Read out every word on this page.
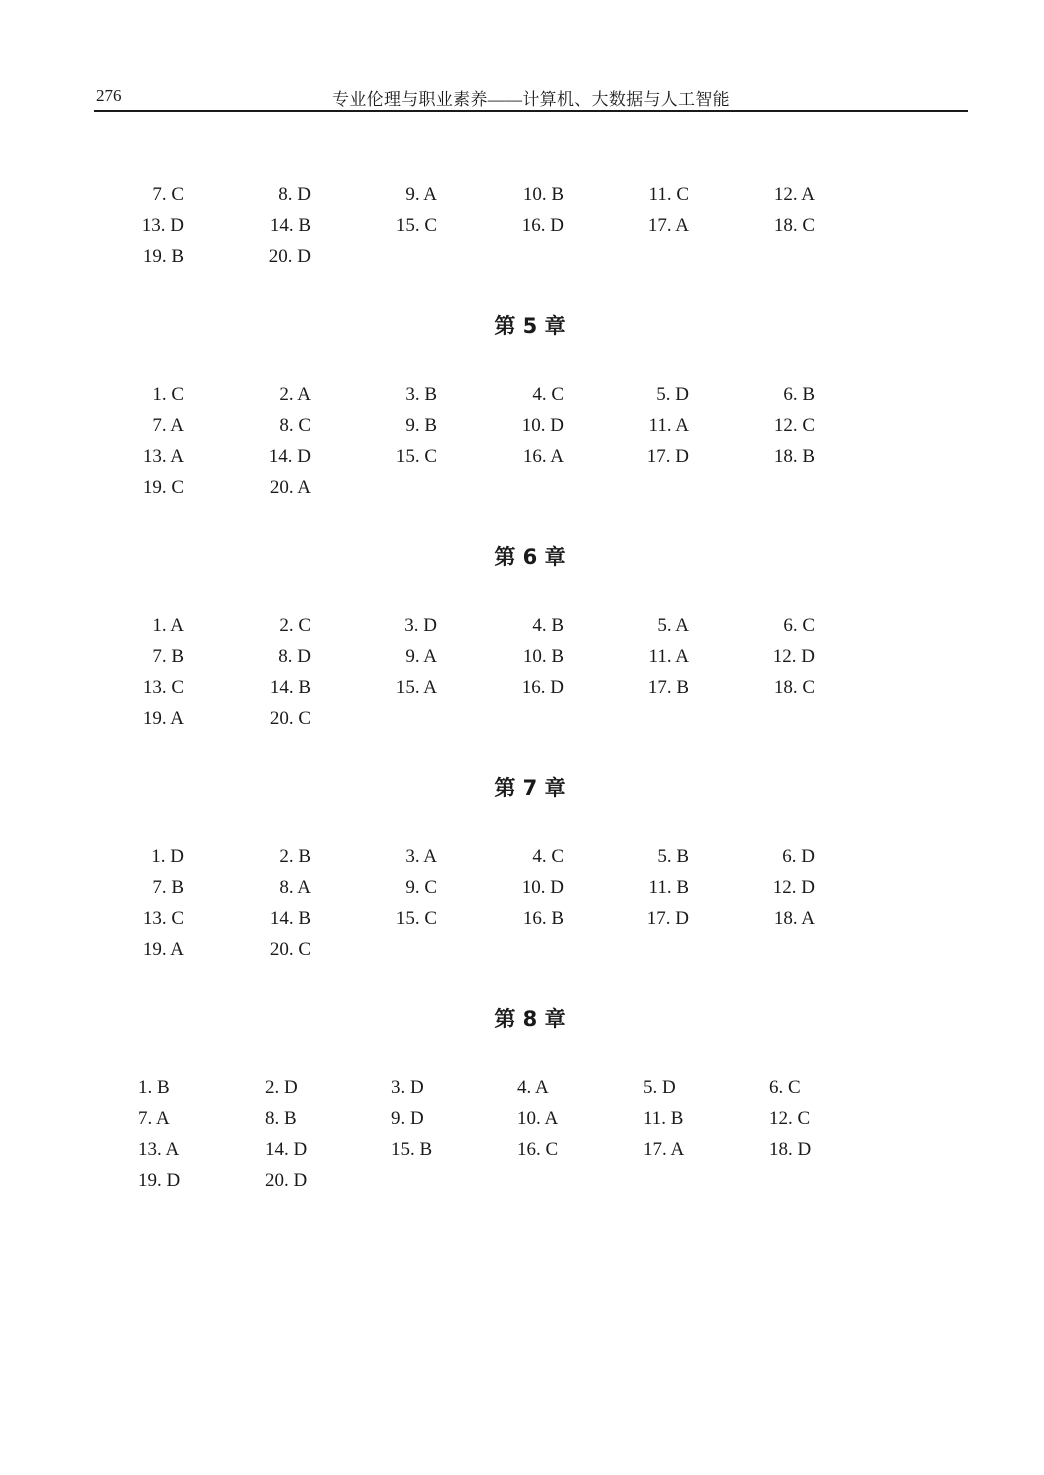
276	专业伦理与职业素养——计算机、大数据与人工智能
7. C	8. D	9. A	10. B	11. C	12. A
13. D	14. B	15. C	16. D	17. A	18. C
19. B	20. D
第 5 章
1. C	2. A	3. B	4. C	5. D	6. B
7. A	8. C	9. B	10. D	11. A	12. C
13. A	14. D	15. C	16. A	17. D	18. B
19. C	20. A
第 6 章
1. A	2. C	3. D	4. B	5. A	6. C
7. B	8. D	9. A	10. B	11. A	12. D
13. C	14. B	15. A	16. D	17. B	18. C
19. A	20. C
第 7 章
1. D	2. B	3. A	4. C	5. B	6. D
7. B	8. A	9. C	10. D	11. B	12. D
13. C	14. B	15. C	16. B	17. D	18. A
19. A	20. C
第 8 章
1. B	2. D	3. D	4. A	5. D	6. C
7. A	8. B	9. D	10. A	11. B	12. C
13. A	14. D	15. B	16. C	17. A	18. D
19. D	20. D
